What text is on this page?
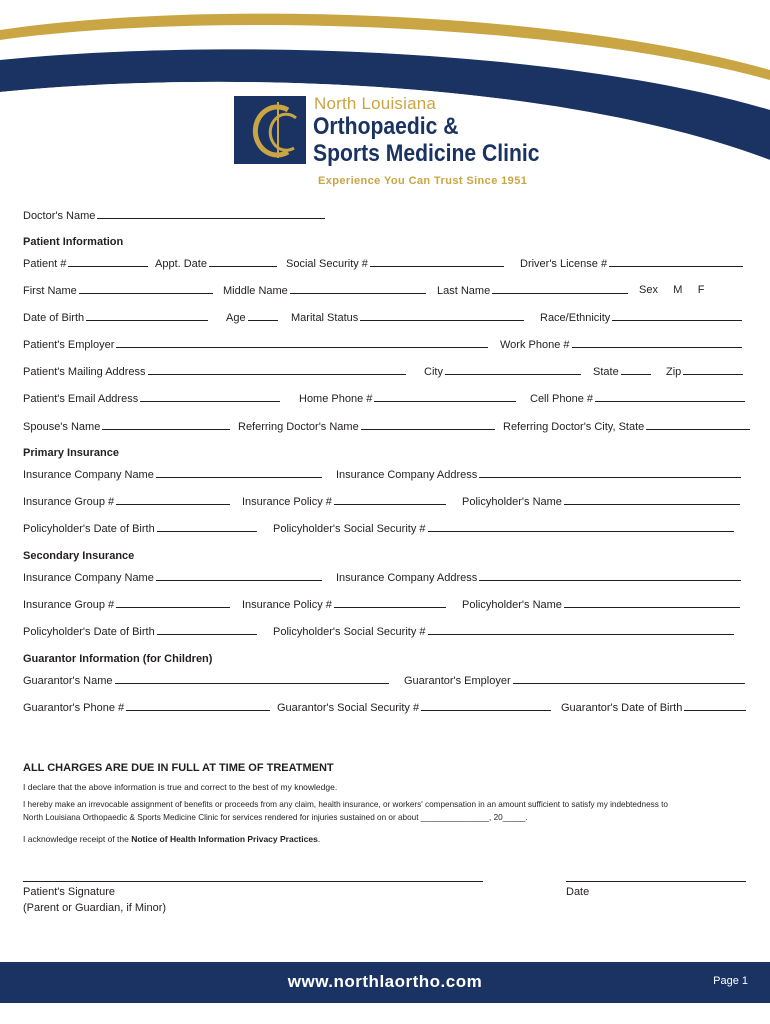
North Louisiana
Orthopaedic &
Sports Medicine Clinic
Experience You Can Trust Since 1951
Doctor's Name
Patient Information
Patient #	Appt. Date	Social Security #	Driver's License #
First Name	Middle Name	Last Name	Sex M F
Date of Birth	Age	Marital Status	Race/Ethnicity
Patient's Employer	Work Phone #
Patient's Mailing Address	City	State	Zip
Patient's Email Address	Home Phone #	Cell Phone #
Spouse's Name	Referring Doctor's Name	Referring Doctor's City, State
Primary Insurance
Insurance Company Name	Insurance Company Address
Insurance Group #	Insurance Policy #	Policyholder's Name
Policyholder's Date of Birth	Policyholder's Social Security #
Secondary Insurance
Insurance Company Name	Insurance Company Address
Insurance Group #	Insurance Policy #	Policyholder's Name
Policyholder's Date of Birth	Policyholder's Social Security #
Guarantor Information (for Children)
Guarantor's Name	Guarantor's Employer
Guarantor's Phone #	Guarantor's Social Security #	Guarantor's Date of Birth
ALL CHARGES ARE DUE IN FULL AT TIME OF TREATMENT
I declare that the above information is true and correct to the best of my knowledge.
I hereby make an irrevocable assignment of benefits or proceeds from any claim, health insurance, or workers' compensation in an amount sufficient to satisfy my indebtedness to
North Louisiana Orthopaedic & Sports Medicine Clinic for services rendered for injuries sustained on or about _______________, 20_____.
I acknowledge receipt of the Notice of Health Information Privacy Practices.
Patient's Signature
(Parent or Guardian, if Minor)
Date
www.northlaortho.com	Page 1
